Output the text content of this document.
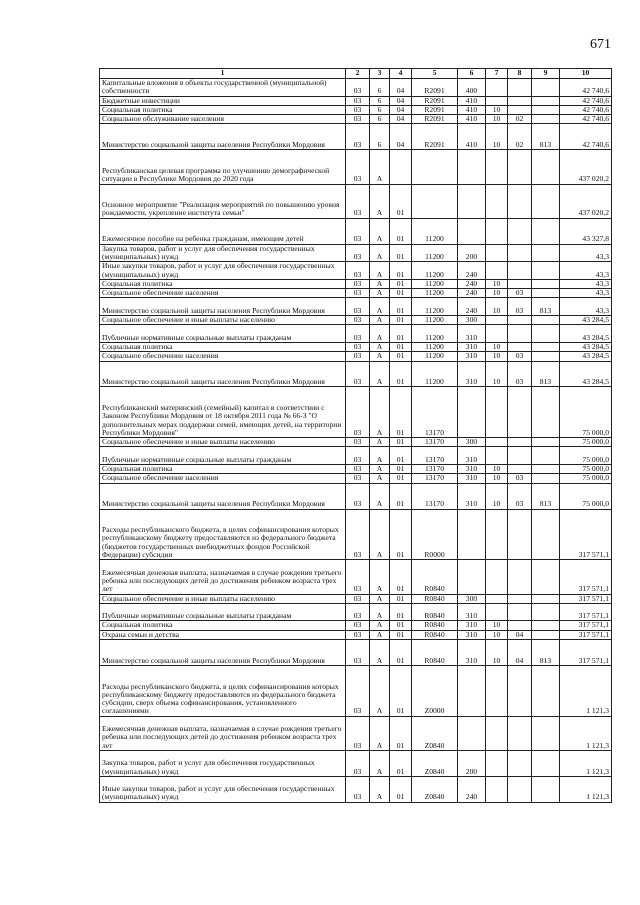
671
1	2	3	4	5	6	7	8	9	10
Капитальные вложения в объекты государственной (муниципальной) собственности	03	6	04	R2091	400				42 740,6
Бюджетные инвестиции	03	6	04	R2091	410				42 740,6
Социальная политика	03	6	04	R2091	410	10			42 740,6
Социальное обслуживание населения	03	6	04	R2091	410	10	02		42 740,6
Министерство социальной защиты населения Республики Мордовия	03	6	04	R2091	410	10	02	813	42 740,6
Республиканская целевая программа по улучшению демографической ситуации в Республике Мордовия до 2020 года	03	А							437 020,2
Основное мероприятие "Реализация мероприятий по повышению уровня рождаемости, укрепление института семьи"	03	А	01						437 020,2
Ежемесячное пособие на ребенка гражданам, имеющим детей	03	А	01	11200					43 327,8
Закупка товаров, работ и услуг для обеспечения государственных (муниципальных) нужд	03	А	01	11200	200				43,3
Иные закупки товаров, работ и услуг для обеспечения государственных (муниципальных) нужд	03	А	01	11200	240				43,3
Социальная политика	03	А	01	11200	240	10			43,3
Социальное обеспечение населения	03	А	01	11200	240	10	03		43,3
Министерство социальной защиты населения Республики Мордовия	03	А	01	11200	240	10	03	813	43,3
Социальное обеспечение и иные выплаты населению	03	А	01	11200	300				43 284,5
Публичные нормативные социальные выплаты гражданам	03	А	01	11200	310				43 284,5
Социальная политика	03	А	01	11200	310	10			43 284,5
Социальное обеспечение населения	03	А	01	11200	310	10	03		43 284,5
Министерство социальной защиты населения Республики Мордовия	03	А	01	11200	310	10	03	813	43 284,5
Республиканский материнский (семейный) капитал в соответствии с Законом Республики Мордовия от 18 октября 2011 года № 66-З "О дополнительных мерах поддержки семей, имеющих детей, на территории Республики Мордовия"	03	А	01	13170					75 000,0
Социальное обеспечение и иные выплаты населению	03	А	01	13170	300				75 000,0
Публичные нормативные социальные выплаты гражданам	03	А	01	13170	310				75 000,0
Социальная политика	03	А	01	13170	310	10			75 000,0
Социальное обеспечение населения	03	А	01	13170	310	10	03		75 000,0
Министерство социальной защиты населения Республики Мордовия	03	А	01	13170	310	10	03	813	75 000,0
Расходы республиканского бюджета, в целях софинансирования которых республиканскому бюджету предоставляются из федерального бюджета (бюджетов государственных внебюджетных фондов Российской Федерации) субсидии	03	А	01	R0000					317 571,1
Ежемесячная денежная выплата, назначаемая в случае рождения третьего ребенка или последующих детей до достижения ребенком возраста трех лет	03	А	01	R0840					317 571,1
Социальное обеспечение и иные выплаты населению	03	А	01	R0840	300				317 571,1
Публичные нормативные социальные выплаты гражданам	03	А	01	R0840	310				317 571,1
Социальная политика	03	А	01	R0840	310	10			317 571,1
Охрана семьи и детства	03	А	01	R0840	310	10	04		317 571,1
Министерство социальной защиты населения Республики Мордовия	03	А	01	R0840	310	10	04	813	317 571,1
Расходы республиканского бюджета, в целях софинансирования которых республиканскому бюджету предоставляются из федерального бюджета субсидии, сверх объема софинансирования, установленного соглашениями	03	А	01	Z0000					1 121,3
Ежемесячная денежная выплата, назначаемая в случае рождения третьего ребенка или последующих детей до достижения ребенком возраста трех лет	03	А	01	Z0840					1 121,3
Закупка товаров, работ и услуг для обеспечения государственных (муниципальных) нужд	03	А	01	Z0840	200				1 121,3
Иные закупки товаров, работ и услуг для обеспечения государственных (муниципальных) нужд	03	А	01	Z0840	240				1 121,3
